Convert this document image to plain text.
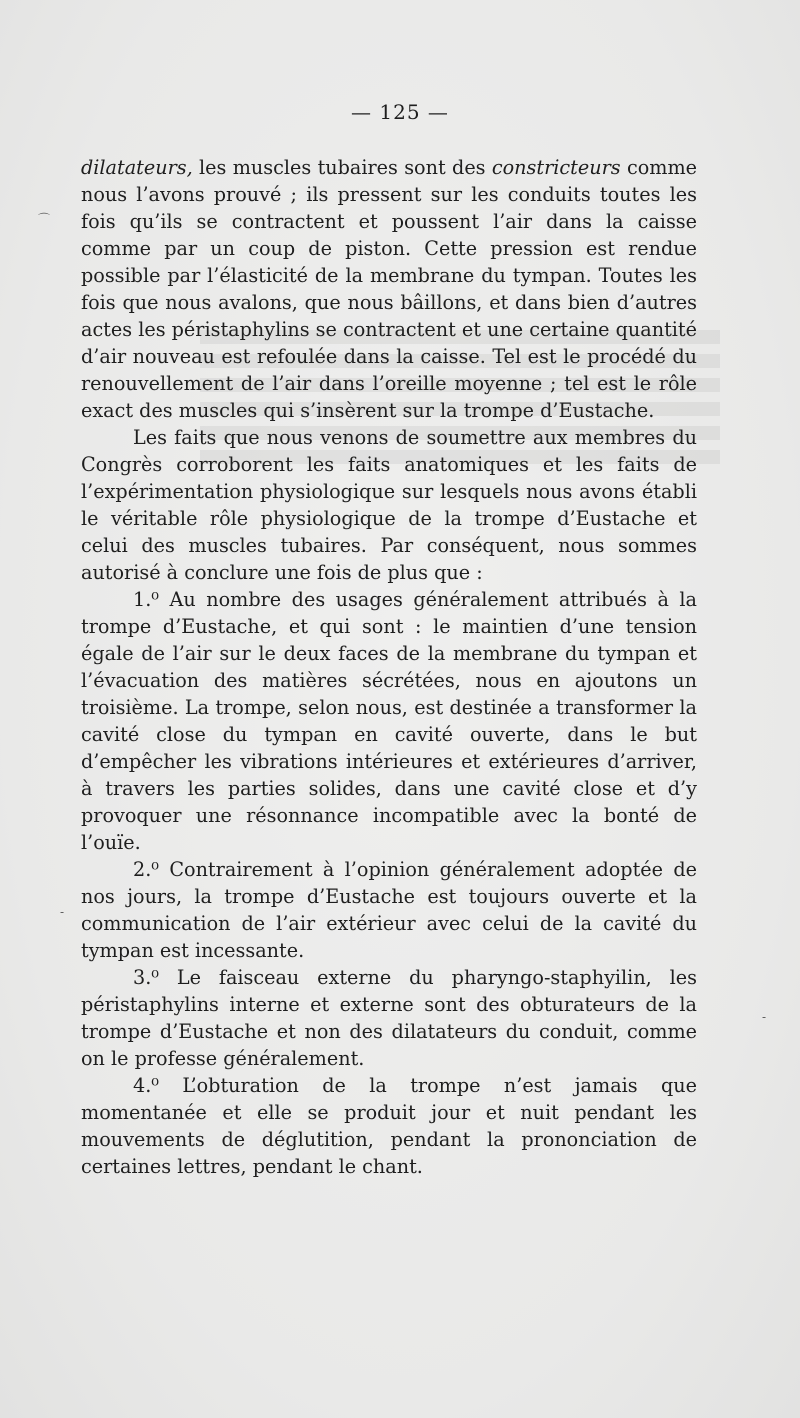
— 125 —

dilatateurs, les muscles tubaires sont des constricteurs comme nous l’avons prouvé ; ils pressent sur les conduits toutes les fois qu’ils se contractent et poussent l’air dans la caisse comme par un coup de piston. Cette pression est rendue possible par l’élasticité de la membrane du tympan. Toutes les fois que nous avalons, que nous bâillons, et dans bien d’autres actes les péristaphylins se contractent et une certaine quantité d’air nouveau est refoulée dans la caisse. Tel est le procédé du renouvellement de l’air dans l’oreille moyenne ; tel est le rôle exact des muscles qui s’insèrent sur la trompe d’Eustache.

Les faits que nous venons de soumettre aux membres du Congrès corroborent les faits anatomiques et les faits de l’expérimentation physiologique sur lesquels nous avons établi le véritable rôle physiologique de la trompe d’Eustache et celui des muscles tubaires. Par conséquent, nous sommes autorisé à conclure une fois de plus que :

1.⁰ Au nombre des usages généralement attribués à la trompe d’Eustache, et qui sont : le maintien d’une tension égale de l’air sur le deux faces de la membrane du tympan et l’évacuation des matières sécrétées, nous en ajoutons un troisième. La trompe, selon nous, est destinée a transformer la cavité close du tympan en cavité ouverte, dans le but d’empêcher les vibrations intérieures et extérieures d’arriver, à travers les parties solides, dans une cavité close et d’y provoquer une résonnance incompatible avec la bonté de l’ouïe.

2.⁰ Contrairement à l’opinion généralement adoptée de nos jours, la trompe d’Eustache est toujours ouverte et la communication de l’air extérieur avec celui de la cavité du tympan est incessante.

3.⁰ Le faisceau externe du pharyngo-staphyilin, les péristaphylins interne et externe sont des obturateurs de la trompe d’Eustache et non des dilatateurs du conduit, comme on le professe généralement.

4.⁰ L’obturation de la trompe n’est jamais que momentanée et elle se produit jour et nuit pendant les mouvements de déglutition, pendant la prononciation de certaines lettres, pendant le chant.

⌒
-
-
